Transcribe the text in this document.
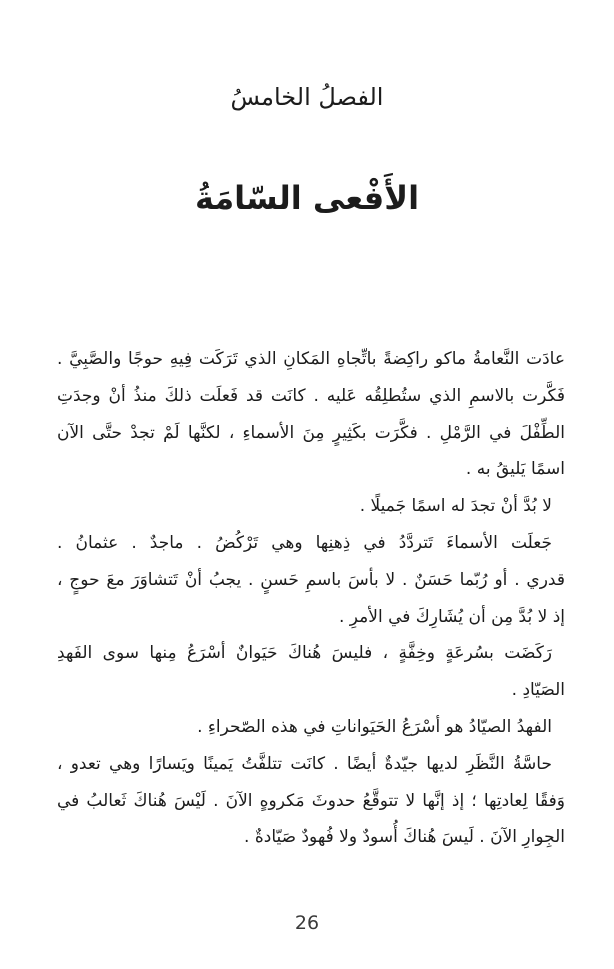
الفصلُ الخامسُ
الأَفْعى السّامَةُ
عادَت النَّعامةُ ماكو راكِضةً باتِّجاهِ المَكانِ الذي تَرَكَت فِيهِ حوجًا والصَّبِيَّ .
فَكَّرت بالاسمِ الذي ستُطلِقُه عَليه . كانَت قد فَعلَت ذلكَ منذُ أنْ وجدَتِ
الطِّفْلَ في الرَّمْلِ . فكَّرَت بكَثِيرٍ مِنَ الأسماءِ ، لكنَّها لَمْ تجدْ حتَّى الآن
اسمًا يَليقُ به .
لا بُدَّ أنْ تجدَ له اسمًا جَميلًا .
جَعلَت الأسماءَ تَتردَّدُ في ذِهنِها وهي تَرْكُضُ . ماجدٌ . عثمانُ .
قدري . أو رُبّما حَسَنٌ . لا بأسَ باسمِ حَسنٍ . يجبُ أنْ تَتشاوَرَ معَ حوجٍ ،
إذ لا بُدَّ مِن أن يُشَارِكَ في الأمرِ .
رَكَضَت بسُرعَةٍ وخِفَّةٍ ، فليسَ هُناكَ حَيَوانٌ أسْرَعُ مِنها سوى الفَهدِ
الصَيّادِ .
الفهدُ الصيّادُ هو أسْرَعُ الحَيَواناتِ في هذه الصّحراءِ .
حاسَّةُ النَّظَرِ لديها جيّدةٌ أيضًا . كانَت تتلفَّتُ يَمينًا ويَسارًا وهي تعدو ،
وَفقًا لِعادتِها ؛ إذ إنَّها لا تتوقَّعُ حدوثَ مَكروهٍ الآنَ . لَيْسَ هُناكَ ثَعالبُ في
الجِوارِ الآنَ . لَيسَ هُناكَ أُسودٌ ولا فُهودٌ صَيّادةٌ .
26
